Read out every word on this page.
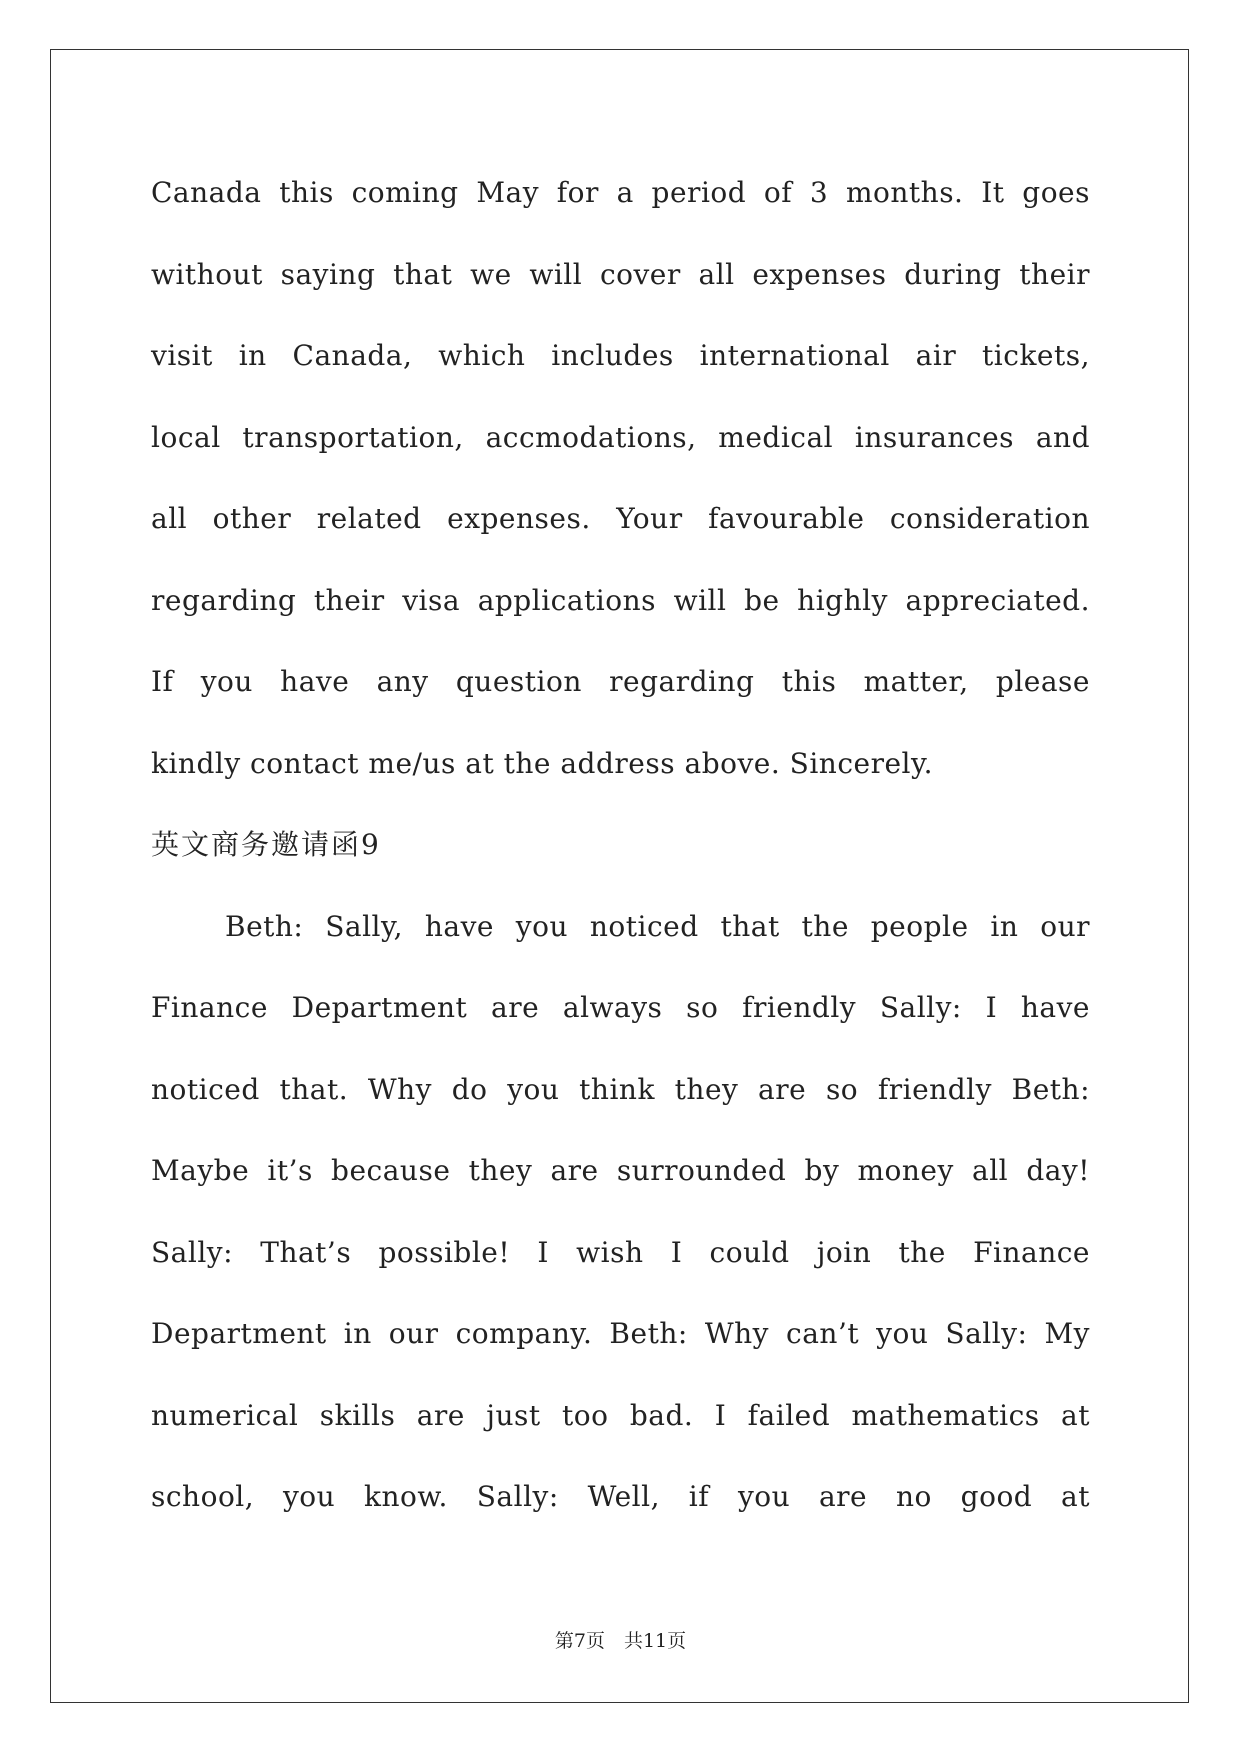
Canada this coming May for a period of 3 months. It goes
without saying that we will cover all expenses during their
visit in Canada, which includes international air tickets,
local transportation, accmodations, medical insurances and
all other related expenses. Your favourable consideration
regarding their visa applications will be highly appreciated.
If you have any question regarding this matter, please
kindly contact me/us at the address above. Sincerely.
英文商务邀请函9
Beth: Sally, have you noticed that the people in our
Finance Department are always so friendly Sally: I have
noticed that. Why do you think they are so friendly Beth:
Maybe it’s because they are surrounded by money all day!
Sally: That’s possible! I wish I could join the Finance
Department in our company. Beth: Why can’t you Sally: My
numerical skills are just too bad. I failed mathematics at
school, you know. Sally: Well, if you are no good at
第7页　共11页
